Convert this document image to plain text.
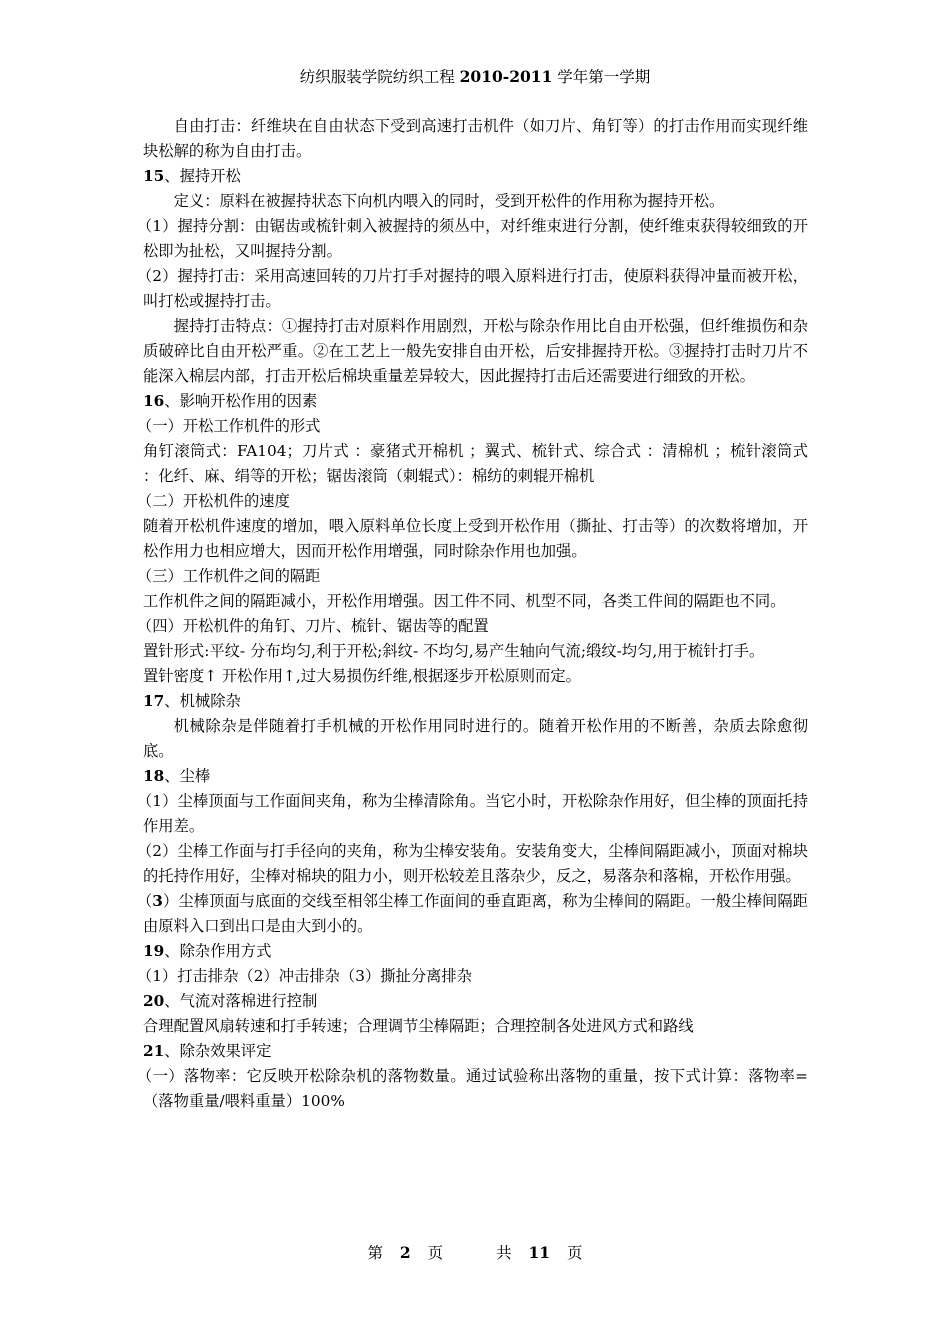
纺织服装学院纺织工程 2010-2011 学年第一学期

自由打击：纤维块在自由状态下受到高速打击机件（如刀片、角钉等）的打击作用而实现纤维块松解的称为自由打击。

15、握持开松

定义：原料在被握持状态下向机内喂入的同时，受到开松件的作用称为握持开松。

（1）握持分割：由锯齿或梳针刺入被握持的须丛中，对纤维束进行分割，使纤维束获得较细致的开松即为扯松，又叫握持分割。

（2）握持打击：采用高速回转的刀片打手对握持的喂入原料进行打击，使原料获得冲量而被开松，叫打松或握持打击。

握持打击特点：①握持打击对原料作用剧烈，开松与除杂作用比自由开松强，但纤维损伤和杂质破碎比自由开松严重。②在工艺上一般先安排自由开松，后安排握持开松。③握持打击时刀片不能深入棉层内部，打击开松后棉块重量差异较大，因此握持打击后还需要进行细致的开松。

16、影响开松作用的因素

（一）开松工作机件的形式

角钉滚筒式：FA104；刀片式 ：豪猪式开棉机 ；翼式、梳针式、综合式 ：清棉机 ；梳针滚筒式 ：化纤、麻、绢等的开松；锯齿滚筒（刺辊式）：棉纺的刺辊开棉机

（二）开松机件的速度

随着开松机件速度的增加，喂入原料单位长度上受到开松作用（撕扯、打击等）的次数将增加，开松作用力也相应增大，因而开松作用增强，同时除杂作用也加强。

（三）工作机件之间的隔距

工作机件之间的隔距减小，开松作用增强。因工件不同、机型不同，各类工件间的隔距也不同。

（四）开松机件的角钉、刀片、梳针、锯齿等的配置

置针形式:平纹- 分布均匀,利于开松;斜纹- 不均匀,易产生轴向气流;缎纹-均匀,用于梳针打手。

置针密度↑ 开松作用↑,过大易损伤纤维,根据逐步开松原则而定。

17、机械除杂

机械除杂是伴随着打手机械的开松作用同时进行的。随着开松作用的不断善，杂质去除愈彻底。

18、尘棒

（1）尘棒顶面与工作面间夹角，称为尘棒清除角。当它小时，开松除杂作用好，但尘棒的顶面托持作用差。

（2）尘棒工作面与打手径向的夹角，称为尘棒安装角。安装角变大，尘棒间隔距减小，顶面对棉块的托持作用好，尘棒对棉块的阻力小，则开松较差且落杂少，反之，易落杂和落棉，开松作用强。

（3）尘棒顶面与底面的交线至相邻尘棒工作面间的垂直距离，称为尘棒间的隔距。一般尘棒间隔距由原料入口到出口是由大到小的。

19、除杂作用方式

（1）打击排杂（2）冲击排杂（3）撕扯分离排杂

20、气流对落棉进行控制

合理配置风扇转速和打手转速；合理调节尘棒隔距；合理控制各处进风方式和路线

21、除杂效果评定

（一）落物率：它反映开松除杂机的落物数量。通过试验称出落物的重量，按下式计算：落物率=（落物重量/喂料重量）100%

第 2 页	共 11 页
